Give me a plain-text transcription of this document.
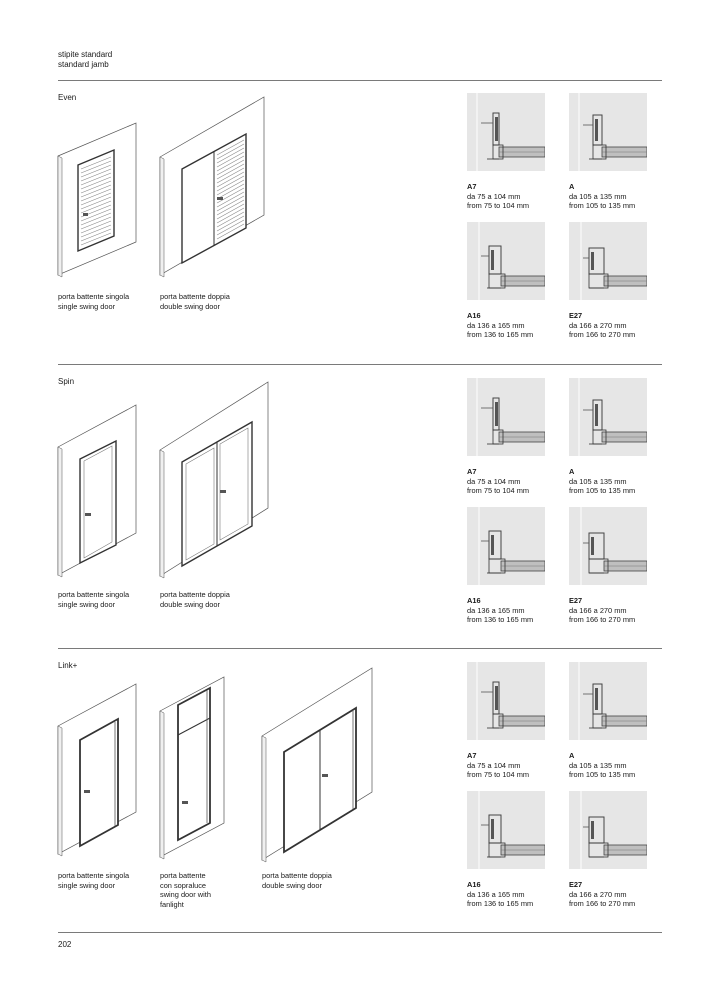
stipite standard
standard jamb
Even
porta battente singola
single swing door
porta battente doppia
double swing door
Spin
porta battente singola
single swing door
porta battente doppia
double swing door
Link+
porta battente singola
single swing door
porta battente
con sopraluce
swing door with
fanlight
porta battente doppia
double swing door
A7
da 75 a 104 mm
from 75 to 104 mm
A
da 105 a 135 mm
from 105 to 135 mm
A16
da 136 a 165 mm
from 136 to 165 mm
E27
da 166 a 270 mm
from 166 to 270 mm
A7
da 75 a 104 mm
from 75 to 104 mm
A
da 105 a 135 mm
from 105 to 135 mm
A16
da 136 a 165 mm
from 136 to 165 mm
E27
da 166 a 270 mm
from 166 to 270 mm
A7
da 75 a 104 mm
from 75 to 104 mm
A
da 105 a 135 mm
from 105 to 135 mm
A16
da 136 a 165 mm
from 136 to 165 mm
E27
da 166 a 270 mm
from 166 to 270 mm
202
